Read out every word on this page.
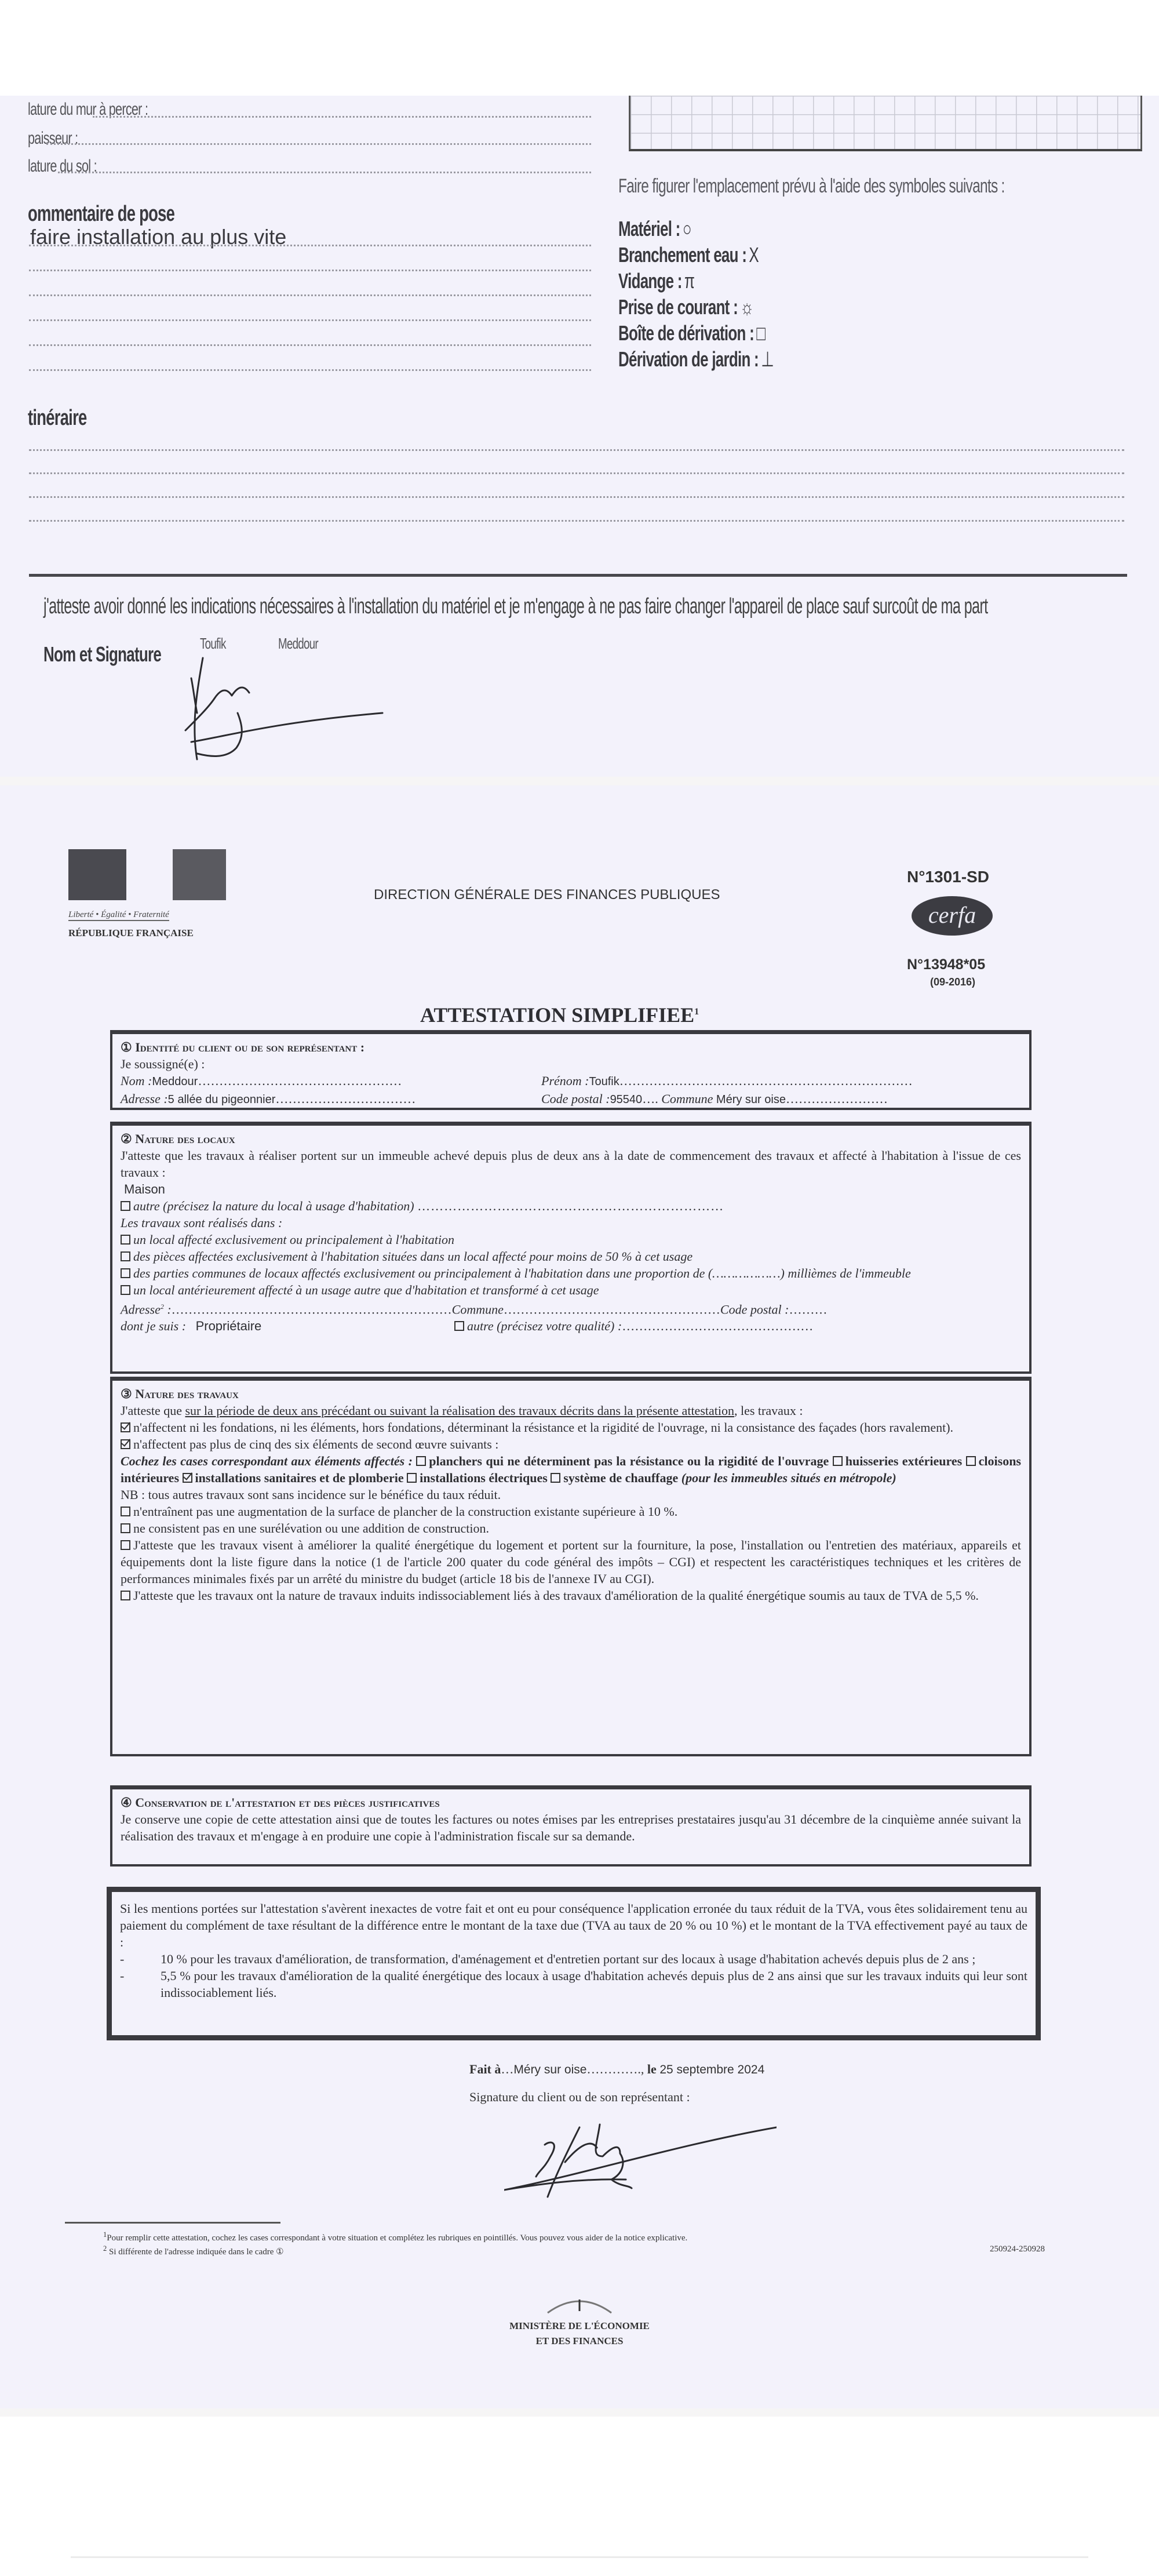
lature du mur à percer :
paisseur :
lature du sol :
ommentaire de pose
faire installation au plus vite
Faire figurer l'emplacement prévu à l'aide des symboles suivants :
Matériel : ○
Branchement eau : X
Vidange : π
Prise de courant : ☼
Boîte de dérivation : □
Dérivation de jardin : ⊥
tinéraire
j'atteste avoir donné les indications nécessaires à l'installation du matériel et je m'engage à ne pas faire changer l'appareil de place sauf surcoût de ma part
Nom et Signature	Toufik	Meddour
Liberté • Égalité • Fraternité
RÉPUBLIQUE FRANÇAISE
DIRECTION GÉNÉRALE DES FINANCES PUBLIQUES
N°1301-SD
cerfa
N°13948*05
(09-2016)
ATTESTATION SIMPLIFIEE$^1$
① Identité du client ou de son représentant :
Je soussigné(e) :
Nom :Meddour…………………………………………	Prénom :Toufik……………………………………………………………
Adresse :5 allée du pigeonnier……………………………	Code postal :95540…. Commune Méry sur oise……………………
② Nature des locaux
J'atteste que les travaux à réaliser portent sur un immeuble achevé depuis plus de deux ans à la date de commencement des travaux et affecté à l'habitation à l'issue de ces travaux :
Maison
autre (précisez la nature du local à usage d'habitation) ……………………………………………………………
Les travaux sont réalisés dans :
un local affecté exclusivement ou principalement à l'habitation
des pièces affectées exclusivement à l'habitation situées dans un local affecté pour moins de 50 % à cet usage
des parties communes de locaux affectés exclusivement ou principalement à l'habitation dans une proportion de (………………) millièmes de l'immeuble
un local antérieurement affecté à un usage autre que d'habitation et transformé à cet usage
Adresse$^2$ :…………………………………………………………Commune……………………………………………Code postal :………
dont je suis : Propriétaire	autre (précisez votre qualité) :………………………………………
③ Nature des travaux
J'atteste que sur la période de deux ans précédant ou suivant la réalisation des travaux décrits dans la présente attestation, les travaux :
n'affectent ni les fondations, ni les éléments, hors fondations, déterminant la résistance et la rigidité de l'ouvrage, ni la consistance des façades (hors ravalement).
n'affectent pas plus de cinq des six éléments de second œuvre suivants :
Cochez les cases correspondant aux éléments affectés : planchers qui ne déterminent pas la résistance ou la rigidité de l'ouvrage huisseries extérieures cloisons intérieures installations sanitaires et de plomberie installations électriques système de chauffage (pour les immeubles situés en métropole)
NB : tous autres travaux sont sans incidence sur le bénéfice du taux réduit.
n'entraînent pas une augmentation de la surface de plancher de la construction existante supérieure à 10 %.
ne consistent pas en une surélévation ou une addition de construction.
J'atteste que les travaux visent à améliorer la qualité énergétique du logement et portent sur la fourniture, la pose, l'installation ou l'entretien des matériaux, appareils et équipements dont la liste figure dans la notice (1 de l'article 200 quater du code général des impôts – CGI) et respectent les caractéristiques techniques et les critères de performances minimales fixés par un arrêté du ministre du budget (article 18 bis de l'annexe IV au CGI).
J'atteste que les travaux ont la nature de travaux induits indissociablement liés à des travaux d'amélioration de la qualité énergétique soumis au taux de TVA de 5,5 %.
④ Conservation de l'attestation et des pièces justificatives
Je conserve une copie de cette attestation ainsi que de toutes les factures ou notes émises par les entreprises prestataires jusqu'au 31 décembre de la cinquième année suivant la réalisation des travaux et m'engage à en produire une copie à l'administration fiscale sur sa demande.
Si les mentions portées sur l'attestation s'avèrent inexactes de votre fait et ont eu pour conséquence l'application erronée du taux réduit de la TVA, vous êtes solidairement tenu au paiement du complément de taxe résultant de la différence entre le montant de la taxe due (TVA au taux de 20 % ou 10 %) et le montant de la TVA effectivement payé au taux de :
-	10 % pour les travaux d'amélioration, de transformation, d'aménagement et d'entretien portant sur des locaux à usage d'habitation achevés depuis plus de 2 ans ;
-	5,5 % pour les travaux d'amélioration de la qualité énergétique des locaux à usage d'habitation achevés depuis plus de 2 ans ainsi que sur les travaux induits qui leur sont indissociablement liés.
Fait à…Méry sur oise…………., le 25 septembre 2024
Signature du client ou de son représentant :
$^1$Pour remplir cette attestation, cochez les cases correspondant à votre situation et complétez les rubriques en pointillés. Vous pouvez vous aider de la notice explicative.
$^2$ Si différente de l'adresse indiquée dans le cadre ①	250924-250928
MINISTÈRE DE L'ÉCONOMIE
ET DES FINANCES
